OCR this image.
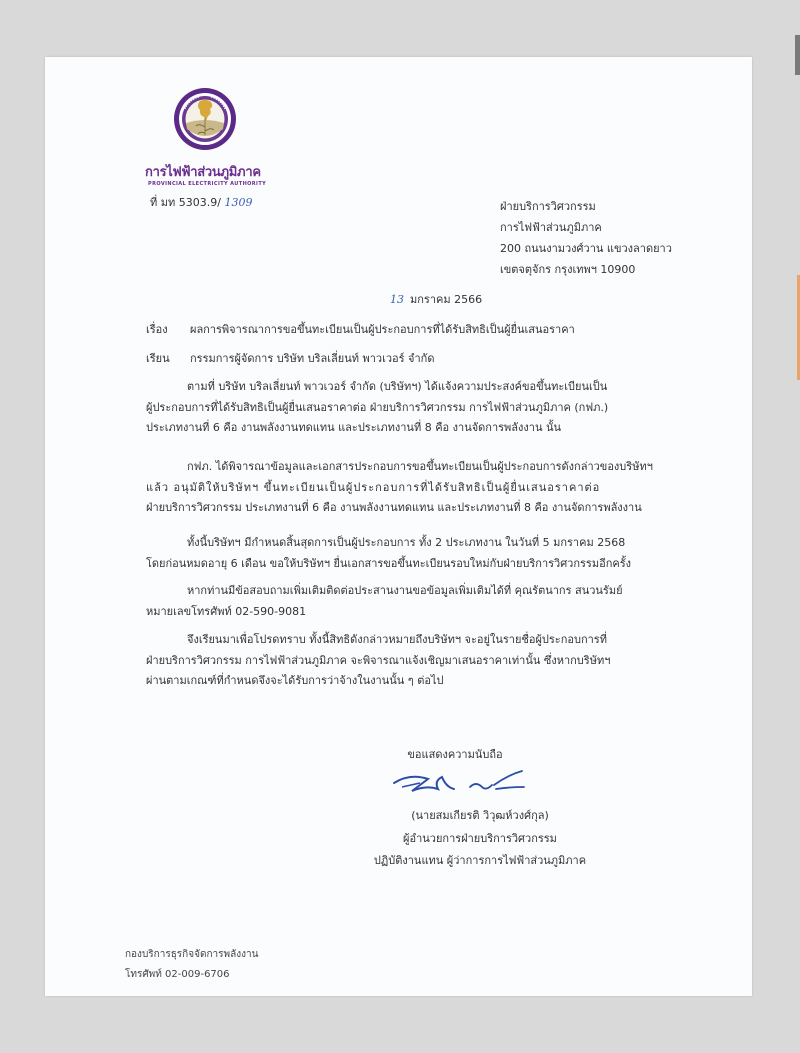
การไฟฟ้าส่วนภูมิภาค
PROVINCIAL ELECTRICITY AUTHORITY
ที่ มท 5303.9/ 1309	ฝ่ายบริการวิศวกรรม
การไฟฟ้าส่วนภูมิภาค
200 ถนนงามวงศ์วาน แขวงลาดยาว
เขตจตุจักร กรุงเทพฯ 10900
13 มกราคม 2566
เรื่อง ผลการพิจารณาการขอขึ้นทะเบียนเป็นผู้ประกอบการที่ได้รับสิทธิเป็นผู้ยื่นเสนอราคา
เรียน กรรมการผู้จัดการ บริษัท บริลเลี่ยนท์ พาวเวอร์ จำกัด
ตามที่ บริษัท บริลเลี่ยนท์ พาวเวอร์ จำกัด (บริษัทฯ) ได้แจ้งความประสงค์ขอขึ้นทะเบียนเป็น
ผู้ประกอบการที่ได้รับสิทธิเป็นผู้ยื่นเสนอราคาต่อ ฝ่ายบริการวิศวกรรม การไฟฟ้าส่วนภูมิภาค (กฟภ.)
ประเภทงานที่ 6 คือ งานพลังงานทดแทน และประเภทงานที่ 8 คือ งานจัดการพลังงาน นั้น
กฟภ. ได้พิจารณาข้อมูลและเอกสารประกอบการขอขึ้นทะเบียนเป็นผู้ประกอบการดังกล่าวของบริษัทฯ
แล้ว อนุมัติให้บริษัทฯ ขึ้นทะเบียนเป็นผู้ประกอบการที่ได้รับสิทธิเป็นผู้ยื่นเสนอราคาต่อ
ฝ่ายบริการวิศวกรรม ประเภทงานที่ 6 คือ งานพลังงานทดแทน และประเภทงานที่ 8 คือ งานจัดการพลังงาน
ทั้งนี้บริษัทฯ มีกำหนดสิ้นสุดการเป็นผู้ประกอบการ ทั้ง 2 ประเภทงาน ในวันที่ 5 มกราคม 2568
โดยก่อนหมดอายุ 6 เดือน ขอให้บริษัทฯ ยื่นเอกสารขอขึ้นทะเบียนรอบใหม่กับฝ่ายบริการวิศวกรรมอีกครั้ง
หากท่านมีข้อสอบถามเพิ่มเติมติดต่อประสานงานขอข้อมูลเพิ่มเติมได้ที่ คุณรัตนากร สนวนรัมย์
หมายเลขโทรศัพท์ 02-590-9081
จึงเรียนมาเพื่อโปรดทราบ ทั้งนี้สิทธิดังกล่าวหมายถึงบริษัทฯ จะอยู่ในรายชื่อผู้ประกอบการที่
ฝ่ายบริการวิศวกรรม การไฟฟ้าส่วนภูมิภาค จะพิจารณาแจ้งเชิญมาเสนอราคาเท่านั้น ซึ่งหากบริษัทฯ
ผ่านตามเกณฑ์ที่กำหนดจึงจะได้รับการว่าจ้างในงานนั้น ๆ ต่อไป
ขอแสดงความนับถือ
(นายสมเกียรติ วิวุฒห์วงศ์กุล)
ผู้อำนวยการฝ่ายบริการวิศวกรรม
ปฏิบัติงานแทน ผู้ว่าการการไฟฟ้าส่วนภูมิภาค
กองบริการธุรกิจจัดการพลังงาน
โทรศัพท์ 02-009-6706
